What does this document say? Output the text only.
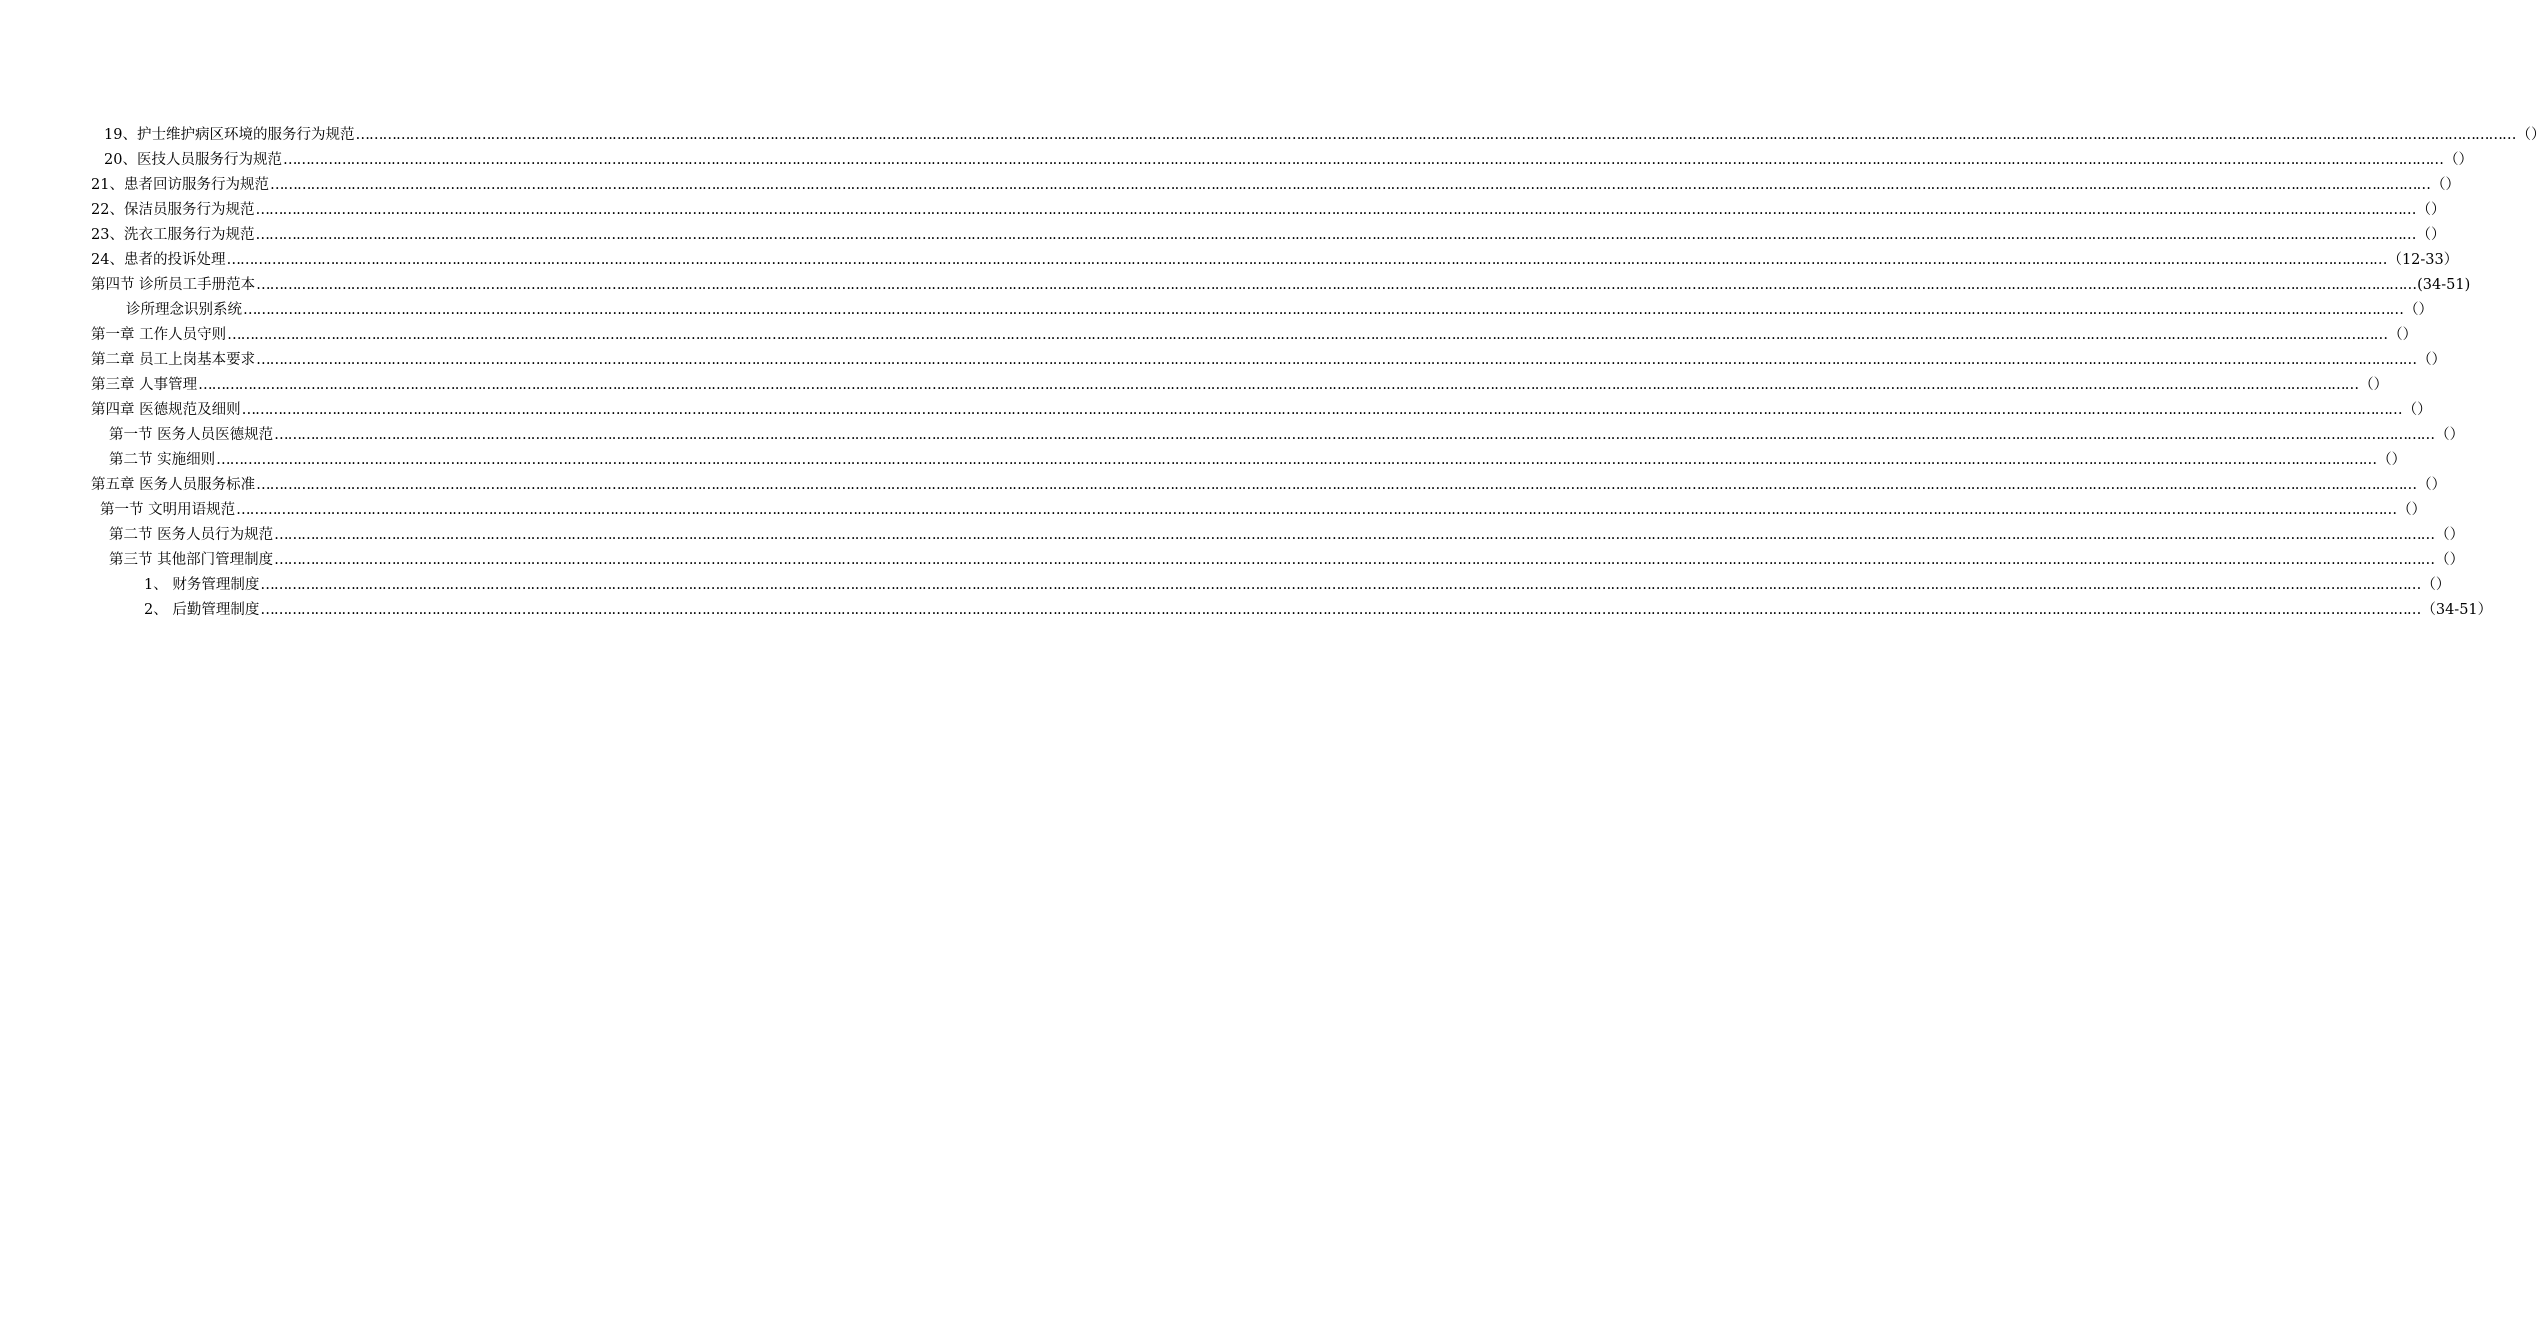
19、护士维护病区环境的服务行为规范 ………………………………………………………………………………………………………………………………………………………………………………………………………………………………………………………………………………………………………………………………………………………………………………………………………………………………………… （）
20、医技人员服务行为规范 ………………………………………………………………………………………………………………………………………………………………………………………………………………………………………………………………………………………………………………………………………………………………………………………………………………………………………… （）
21、患者回访服务行为规范 ………………………………………………………………………………………………………………………………………………………………………………………………………………………………………………………………………………………………………………………………………………………………………………………………………………………………………… （）
22、保洁员服务行为规范 ………………………………………………………………………………………………………………………………………………………………………………………………………………………………………………………………………………………………………………………………………………………………………………………………………………………………………… （）
23、洗衣工服务行为规范 ………………………………………………………………………………………………………………………………………………………………………………………………………………………………………………………………………………………………………………………………………………………………………………………………………………………………………… （）
24、患者的投诉处理 ………………………………………………………………………………………………………………………………………………………………………………………………………………………………………………………………………………………………………………………………………………………………………………………………………………………………………… （12-33）
第四节 诊所员工手册范本 ………………………………………………………………………………………………………………………………………………………………………………………………………………………………………………………………………………………………………………………………………………………………………………………………………………………………………… (34-51)
诊所理念识别系统 ………………………………………………………………………………………………………………………………………………………………………………………………………………………………………………………………………………………………………………………………………………………………………………………………………………………………………… （）
第一章 工作人员守则 ………………………………………………………………………………………………………………………………………………………………………………………………………………………………………………………………………………………………………………………………………………………………………………………………………………………………………… （）
第二章 员工上岗基本要求 ………………………………………………………………………………………………………………………………………………………………………………………………………………………………………………………………………………………………………………………………………………………………………………………………………………………………………… （）
第三章 人事管理 ………………………………………………………………………………………………………………………………………………………………………………………………………………………………………………………………………………………………………………………………………………………………………………………………………………………………………… （）
第四章 医德规范及细则 ………………………………………………………………………………………………………………………………………………………………………………………………………………………………………………………………………………………………………………………………………………………………………………………………………………………………………… （）
第一节 医务人员医德规范 ………………………………………………………………………………………………………………………………………………………………………………………………………………………………………………………………………………………………………………………………………………………………………………………………………………………………………… （）
第二节 实施细则 ………………………………………………………………………………………………………………………………………………………………………………………………………………………………………………………………………………………………………………………………………………………………………………………………………………………………………… （）
第五章 医务人员服务标准 ………………………………………………………………………………………………………………………………………………………………………………………………………………………………………………………………………………………………………………………………………………………………………………………………………………………………………… （）
第一节 文明用语规范 ………………………………………………………………………………………………………………………………………………………………………………………………………………………………………………………………………………………………………………………………………………………………………………………………………………………………………… （）
第二节 医务人员行为规范 ………………………………………………………………………………………………………………………………………………………………………………………………………………………………………………………………………………………………………………………………………………………………………………………………………………………………………… （）
第三节 其他部门管理制度 ………………………………………………………………………………………………………………………………………………………………………………………………………………………………………………………………………………………………………………………………………………………………………………………………………………………………………… （）
1、 财务管理制度 ………………………………………………………………………………………………………………………………………………………………………………………………………………………………………………………………………………………………………………………………………………………………………………………………………………………………………… （）
2、 后勤管理制度 ………………………………………………………………………………………………………………………………………………………………………………………………………………………………………………………………………………………………………………………………………………………………………………………………………………………………………… （34-51）
